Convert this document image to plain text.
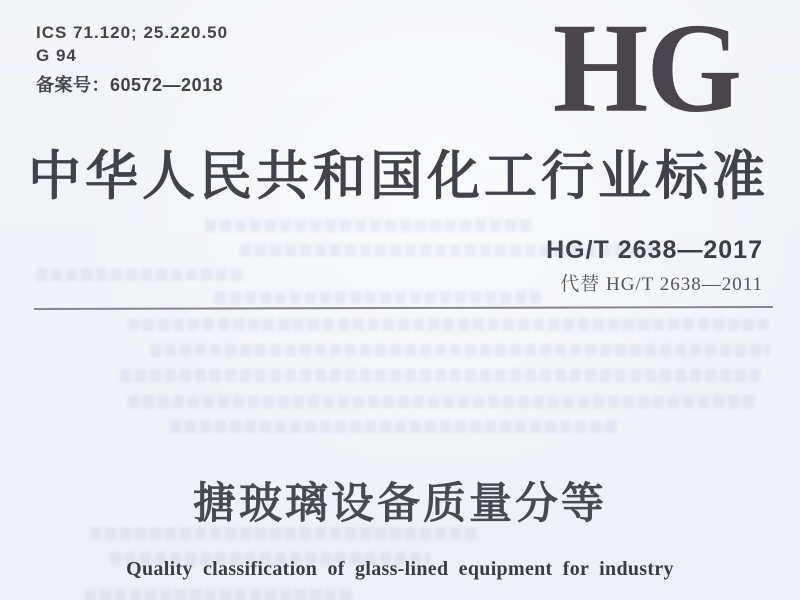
ICS 71.120; 25.220.50
G 94
备案号：60572—2018	HG
中华人民共和国化工行业标准
HG/T 2638—2017
代替 HG/T 2638—2011
搪玻璃设备质量分等
Quality classification of glass-lined equipment for industry
